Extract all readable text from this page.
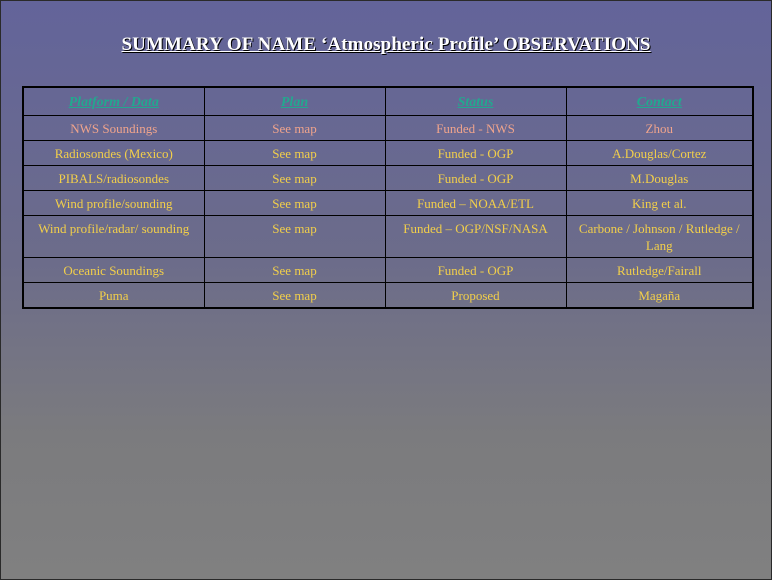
SUMMARY OF NAME ‘Atmospheric Profile’ OBSERVATIONS
Platform / Data	Plan	Status	Contact
NWS Soundings	See map	Funded - NWS	Zhou
Radiosondes (Mexico)	See map	Funded - OGP	A.Douglas/Cortez
PIBALS/radiosondes	See map	Funded - OGP	M.Douglas
Wind profile/sounding	See map	Funded – NOAA/ETL	King et al.
Wind profile/radar/ sounding	See map	Funded – OGP/NSF/NASA	Carbone / Johnson / Rutledge / Lang
Oceanic Soundings	See map	Funded - OGP	Rutledge/Fairall
Puma	See map	Proposed	Magaña
